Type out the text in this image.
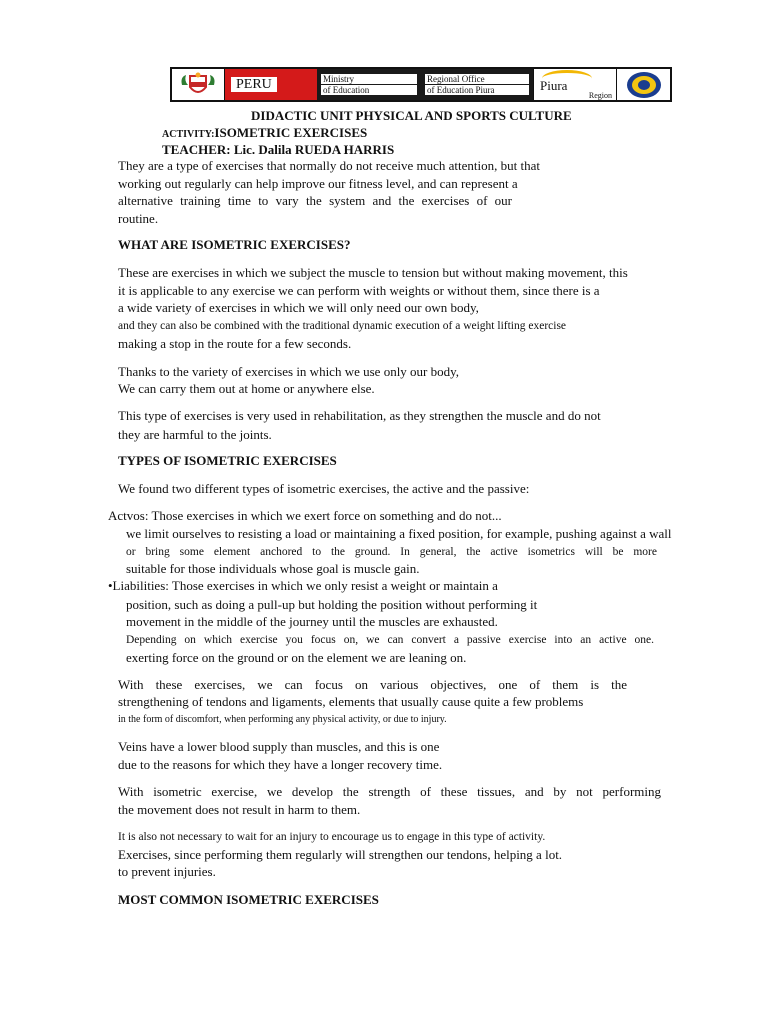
PERU	Ministry
of Education
Regional Office
of Education Piura	Piura
Region
DIDACTIC UNIT PHYSICAL AND SPORTS CULTURE
ACTIVITY:ISOMETRIC EXERCISES
TEACHER: Lic. Dalila RUEDA HARRIS
They are a type of exercises that normally do not receive much attention, but that
working out regularly can help improve our fitness level, and can represent a
alternative training time to vary the system and the exercises of our
routine.
WHAT ARE ISOMETRIC EXERCISES?
These are exercises in which we subject the muscle to tension but without making movement, this
it is applicable to any exercise we can perform with weights or without them, since there is a
a wide variety of exercises in which we will only need our own body,
and they can also be combined with the traditional dynamic execution of a weight lifting exercise
making a stop in the route for a few seconds.
Thanks to the variety of exercises in which we use only our body,
We can carry them out at home or anywhere else.
This type of exercises is very used in rehabilitation, as they strengthen the muscle and do not
they are harmful to the joints.
TYPES OF ISOMETRIC EXERCISES
We found two different types of isometric exercises, the active and the passive:
Actvos: Those exercises in which we exert force on something and do not...
we limit ourselves to resisting a load or maintaining a fixed position, for example, pushing against a wall
or bring some element anchored to the ground. In general, the active isometrics will be more
suitable for those individuals whose goal is muscle gain.
•Liabilities: Those exercises in which we only resist a weight or maintain a
position, such as doing a pull-up but holding the position without performing it
movement in the middle of the journey until the muscles are exhausted.
Depending on which exercise you focus on, we can convert a passive exercise into an active one.
exerting force on the ground or on the element we are leaning on.
With these exercises, we can focus on various objectives, one of them is the
strengthening of tendons and ligaments, elements that usually cause quite a few problems
in the form of discomfort, when performing any physical activity, or due to injury.
Veins have a lower blood supply than muscles, and this is one
due to the reasons for which they have a longer recovery time.
With isometric exercise, we develop the strength of these tissues, and by not performing
the movement does not result in harm to them.
It is also not necessary to wait for an injury to encourage us to engage in this type of activity.
Exercises, since performing them regularly will strengthen our tendons, helping a lot.
to prevent injuries.
MOST COMMON ISOMETRIC EXERCISES
